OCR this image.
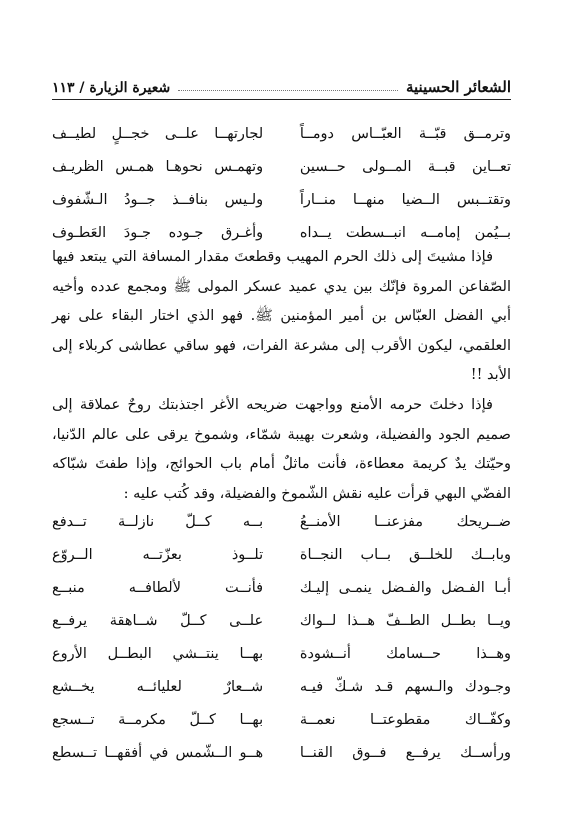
الشعائر الحسينية
شعيرة الزيارة / ١١٣
وترمــق قبّــة العبّــاس دومــاً
لجارتهــا علــى خجــلٍ لطيــف
تعــاين قبــة المــولى حــسين
وتهمـس نحوهـا همـس الظريـف
وتقتــبس الــضيا منهــا منــاراً
ولـيس بنافــذ جــودُ الـشّفوف
بــيُمن إمامــه انبــسطت يــداه
وأغـرق جـوده جـودَ العَطـوف

فإذا مشيتَ إلى ذلك الحرم المهيب وقطعتَ مقدار المسافة التي يبتعد فيها الصّفاعن المروة فإنّك بين يدي عميد عسكر المولى ﷺ ومجمع عدده وأخيه أبي الفضل العبّاس بن أمير المؤمنين ﷺ. فهو الذي اختار البقاء على نهر العلقمي، ليكون الأقرب إلى مشرعة الفرات، فهو ساقي عطاشى كربلاء إلى الأبد !!

فإذا دخلتَ حرمه الأمنع وواجهت ضريحه الأغر اجتذبتك روحٌ عملاقة إلى صميم الجود والفضيلة، وشعرت بهيبة شمّاء، وشموخ يرقى على عالم الدّنيا، وحيّتك يدٌ كريمة معطاءة، فأنت ماثلٌ أمام باب الحوائج، وإذا طفتَ شبّاكه الفضّي البهي قرأت عليه نقش الشّموخ والفضيلة، وقد كُتب عليه :

ضــريحك مفزعنــا الأمنــعُ
بــه كــلّ نازلــة تــدفع
وبابــك للخلــق بــاب النجــاة
تلــوذ بعزّتــه الــروّع
أبـا الفـضل والفـضل ينمـى إليـك
فأنــت لألطافــه منبــع
ويــا بطــل الطــفّ هــذا لــواك
علــى كــلّ شــاهقة يرفــع
وهــذا حــسامك أنــشودة
بهــا ينتــشي البطــل الأروع
وجـودك والـسهم قـد شـكّ فيـه
شــعارٌ لعليائــه يخــشع
وكفّــاك مقطوعتــا نعمــة
بهــا كــلّ مكرمــة تــسجع
ورأســك يرفــع فــوق القنــا
هــو الــشّمس في أفقهــا تــسطع
